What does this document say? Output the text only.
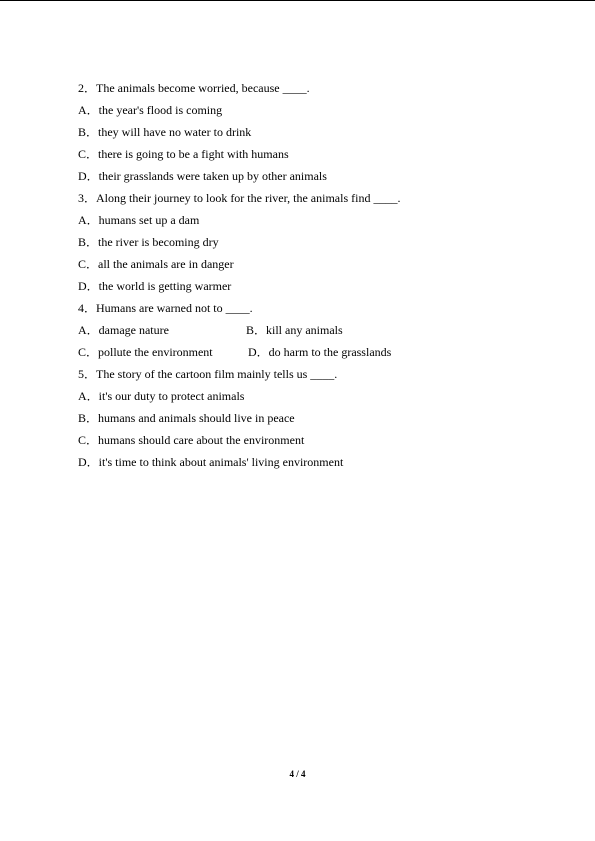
2．The animals become worried, because ____.
A．the year's flood is coming
B．they will have no water to drink
C．there is going to be a fight with humans
D．their grasslands were taken up by other animals
3．Along their journey to look for the river, the animals find ____.
A．humans set up a dam
B．the river is becoming dry
C．all the animals are in danger
D．the world is getting warmer
4．Humans are warned not to ____.
A．damage nature	B．kill any animals
C．pollute the environment	D．do harm to the grasslands
5．The story of the cartoon film mainly tells us ____.
A．it's our duty to protect animals
B．humans and animals should live in peace
C．humans should care about the environment
D．it's time to think about animals' living environment
4 / 4
